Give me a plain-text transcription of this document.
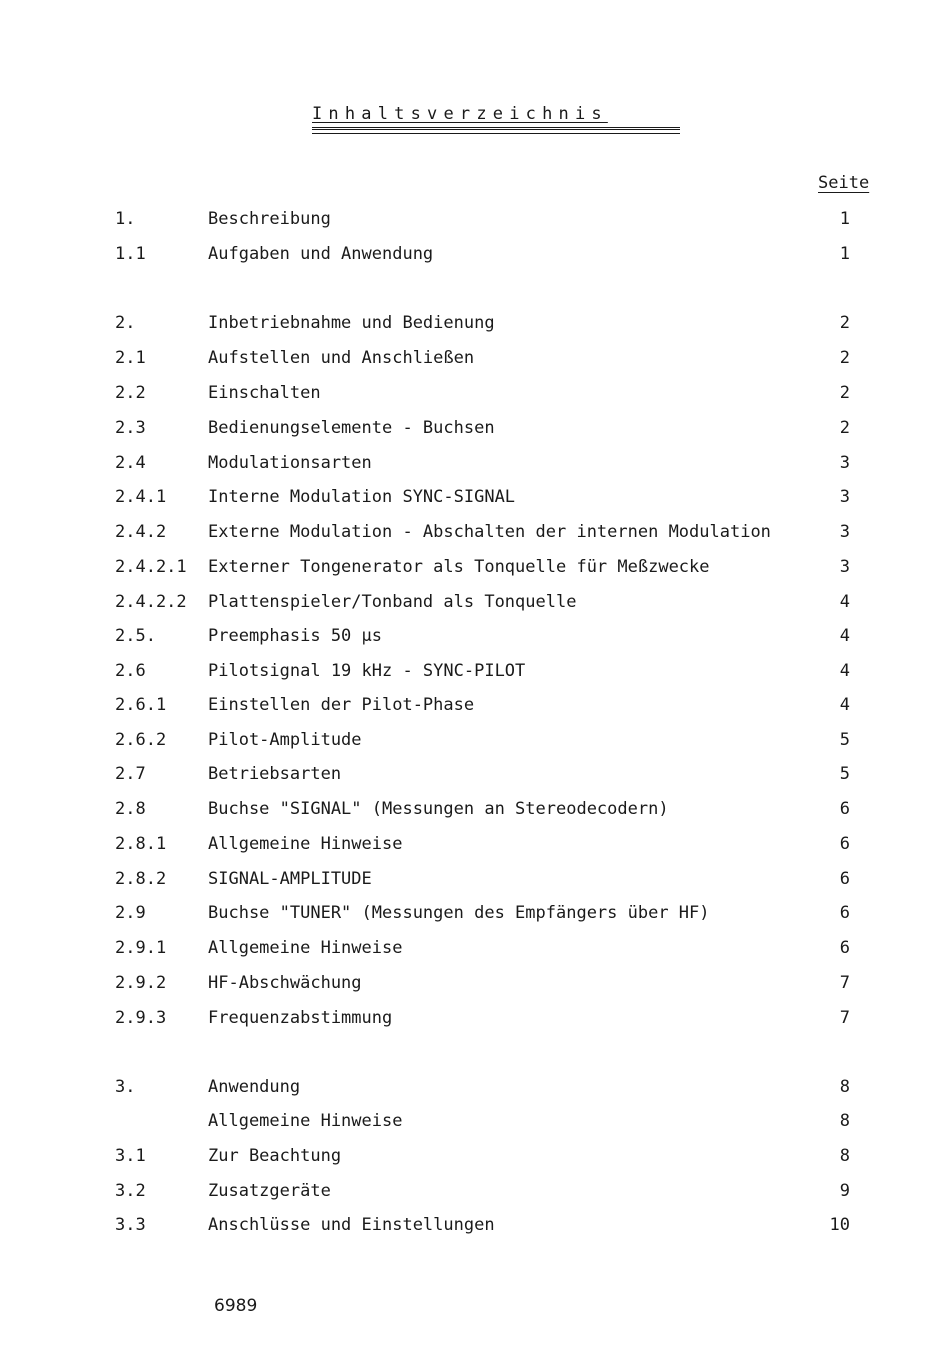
Inhaltsverzeichnis
Seite
1.	Beschreibung	1
1.1	Aufgaben und Anwendung	1
2.	Inbetriebnahme und Bedienung	2
2.1	Aufstellen und Anschließen	2
2.2	Einschalten	2
2.3	Bedienungselemente - Buchsen	2
2.4	Modulationsarten	3
2.4.1 Interne Modulation SYNC-SIGNAL	3
2.4.2 Externe Modulation - Abschalten der internen Modulation	3
2.4.2.1 Externer Tongenerator als Tonquelle für Meßzwecke	3
2.4.2.2 Plattenspieler/Tonband als Tonquelle	4
2.5.	Preemphasis 50 µs	4
2.6	Pilotsignal 19 kHz - SYNC-PILOT	4
2.6.1 Einstellen der Pilot-Phase	4
2.6.2 Pilot-Amplitude	5
2.7	Betriebsarten	5
2.8	Buchse "SIGNAL" (Messungen an Stereodecodern)	6
2.8.1 Allgemeine Hinweise	6
2.8.2 SIGNAL-AMPLITUDE	6
2.9	Buchse "TUNER" (Messungen des Empfängers über HF)	6
2.9.1 Allgemeine Hinweise	6
2.9.2 HF-Abschwächung	7
2.9.3 Frequenzabstimmung	7
3.	Anwendung	8
Allgemeine Hinweise	8
3.1	Zur Beachtung	8
3.2	Zusatzgeräte	9
3.3	Anschlüsse und Einstellungen	10
6989
